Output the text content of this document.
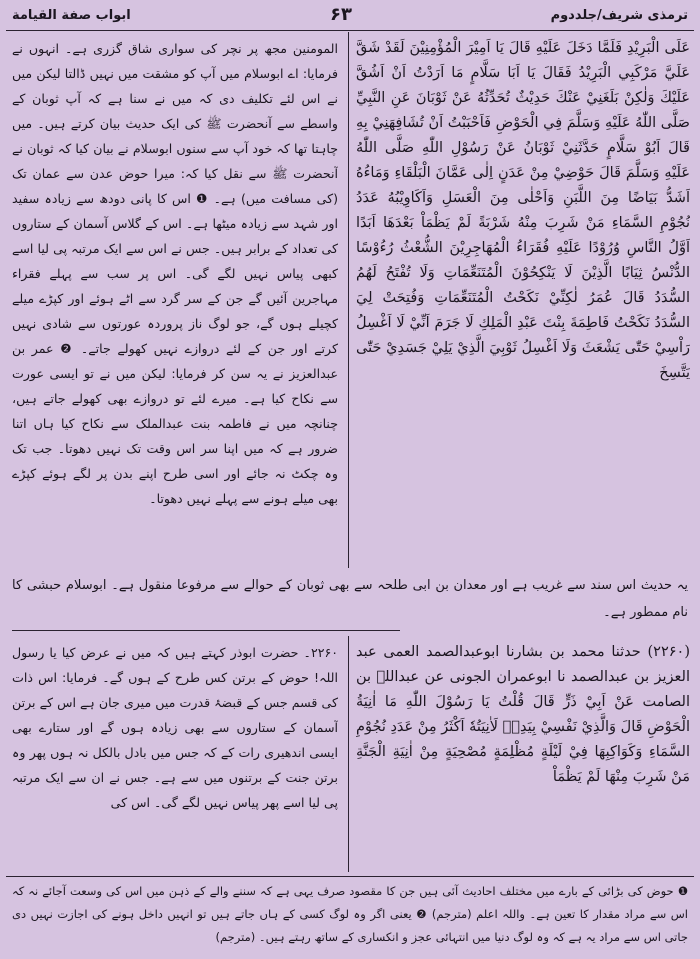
ترمذی شریف/جلددوم
۶۳
ابواب صفة القيامة

عَلَى الْبَرِيْدِ فَلَمَّا دَخَلَ عَلَيْهِ قَالَ يَا اَمِيْرَ الْمُؤْمِنِيْنَ لَقَدْ شَقَّ عَلَيَّ مَرْكَبِي الْبَرِيْدُ فَقَالَ يَا اَبَا سَلَّامٍ مَا اَرَدْتُ اَنْ اَشُقَّ عَلَيْكَ وَلٰكِنْ بَلَغَنِيْ عَنْكَ حَدِيْثٌ تُحَدِّثُهُ عَنْ ثَوْبَانَ عَنِ النَّبِيِّ صَلَّى اللّٰهُ عَلَيْهِ وَسَلَّمَ فِي الْحَوْضِ فَاَحْبَبْتُ اَنْ تُشَافِهَنِيْ بِهِ قَالَ اَبُوْ سَلَّامٍ حَدَّثَنِيْ ثَوْبَانُ عَنْ رَسُوْلِ اللّٰهِ صَلَّى اللّٰهُ عَلَيْهِ وَسَلَّمَ قَالَ حَوْضِيْ مِنْ عَدَنٍ اِلٰى عَمَّانَ الْبَلْقَاءِ وَمَاءُهُ اَشَدُّ بَيَاضًا مِنَ اللَّبَنِ وَاَحْلٰى مِنَ الْعَسَلِ وَاَكَاوِيْبُهُ عَدَدُ نُجُوْمِ السَّمَاءِ مَنْ شَرِبَ مِنْهُ شَرْبَةً لَمْ يَظْمَاْ بَعْدَهَا اَبَدًا اَوَّلُ النَّاسِ وُرُوْدًا عَلَيْهِ فُقَرَاءُ الْمُهَاجِرِيْنَ الشُّعْثُ رُءُوْسًا الدُّنْسُ ثِيَابًا الَّذِيْنَ لَا يَنْكِحُوْنَ الْمُتَنَعِّمَاتِ وَلَا تُفْتَحُ لَهُمُ السُّدَدُ قَالَ عُمَرُ لٰكِنِّيْ نَكَحْتُ الْمُتَنَعِّمَاتِ وَفُتِحَتْ لِيَ السُّدَدُ نَكَحْتُ فَاطِمَةَ بِنْتَ عَبْدِ الْمَلِكِ لَا جَرَمَ اَنِّيْ لَا اَغْسِلُ رَاْسِيْ حَتّٰى يَشْعَثَ وَلَا اَغْسِلُ ثَوْبِيَ الَّذِيْ يَلِيْ جَسَدِيْ حَتّٰى يَتَّسِخَ

المومنین مجھ پر نچر کی سواری شاق گزری ہے۔ انہوں نے فرمایا: اے ابوسلام میں آپ کو مشقت میں نہیں ڈالتا لیکن میں نے اس لئے تکلیف دی کہ میں نے سنا ہے کہ آپ ثوبان کے واسطے سے آنحضرت ﷺ کی ایک حدیث بیان کرتے ہیں۔ میں چاہتا تھا کہ خود آپ سے سنوں ابوسلام نے بیان کیا کہ ثوبان نے آنحضرت ﷺ سے نقل کیا کہ: میرا حوض عدن سے عمان تک (کی مسافت میں) ہے۔ ❶ اس کا پانی دودھ سے زیادہ سفید اور شہد سے زیادہ میٹھا ہے۔ اس کے گلاس آسمان کے ستاروں کی تعداد کے برابر ہیں۔ جس نے اس سے ایک مرتبہ پی لیا اسے کبھی پیاس نہیں لگے گی۔ اس پر سب سے پہلے فقراء مہاجرین آئیں گے جن کے سر گرد سے اٹے ہوئے اور کپڑے میلے کچیلے ہوں گے، جو لوگ ناز پروردہ عورتوں سے شادی نہیں کرتے اور جن کے لئے دروازے نہیں کھولے جاتے۔ ❷ عمر بن عبدالعزیز نے یہ سن کر فرمایا: لیکن میں نے تو ایسی عورت سے نکاح کیا ہے۔ میرے لئے تو دروازے بھی کھولے جاتے ہیں، چنانچہ میں نے فاطمہ بنت عبدالملک سے نکاح کیا ہاں اتنا ضرور ہے کہ میں اپنا سر اس وقت تک نہیں دھوتا۔ جب تک وہ چکٹ نہ جائے اور اسی طرح اپنے بدن پر لگے ہوئے کپڑے بھی میلے ہونے سے پہلے نہیں دھوتا۔

یہ حدیث اس سند سے غریب ہے اور معدان بن ابی طلحہ سے بھی ثوبان کے حوالے سے مرفوعا منقول ہے۔ ابوسلام حبشی کا نام ممطور ہے۔

(۲۲۶۰) حدثنا محمد بن بشارنا ابوعبدالصمد العمی عبد العزیز بن عبدالصمد نا ابوعمران الجونی عن عبداللہ بن الصامت عَنْ اَبِيْ ذَرٍّ قَالَ قُلْتُ يَا رَسُوْلَ اللّٰهِ مَا اٰنِيَةُ الْحَوْضِ قَالَ وَالَّذِيْ نَفْسِيْ بِيَدِهٖ لَاٰنِيَتُهٗ اَكْثَرُ مِنْ عَدَدِ نُجُوْمِ السَّمَاءِ وَكَوَاكِبِهَا فِيْ لَيْلَةٍ مُظْلِمَةٍ مُصْحِيَةٍ مِنْ اٰنِيَةِ الْجَنَّةِ مَنْ شَرِبَ مِنْهَا لَمْ يَظْمَاْ

۲۲۶۰۔ حضرت ابوذر کہتے ہیں کہ میں نے عرض کیا یا رسول اللہ! حوض کے برتن کس طرح کے ہوں گے۔ فرمایا: اس ذات کی قسم جس کے قبضۂ قدرت میں میری جان ہے اس کے برتن آسمان کے ستاروں سے بھی زیادہ ہوں گے اور ستارے بھی ایسی اندھیری رات کے کہ جس میں بادل بالکل نہ ہوں پھر وہ برتن جنت کے برتنوں میں سے ہے۔ جس نے ان سے ایک مرتبہ پی لیا اسے پھر پیاس نہیں لگے گی۔ اس کی

❶ حوض کی بڑائی کے بارے میں مختلف احادیث آئی ہیں جن کا مقصود صرف یہی ہے کہ سننے والے کے ذہن میں اس کی وسعت آجائے نہ کہ اس سے مراد مقدار کا تعین ہے۔ واللہ اعلم (مترجم) ❷ یعنی اگر وہ لوگ کسی کے ہاں جاتے ہیں تو انہیں داخل ہونے کی اجازت نہیں دی جاتی اس سے مراد یہ ہے کہ وہ لوگ دنیا میں انتہائی عجز و انکساری کے ساتھ رہتے ہیں۔ (مترجم)
